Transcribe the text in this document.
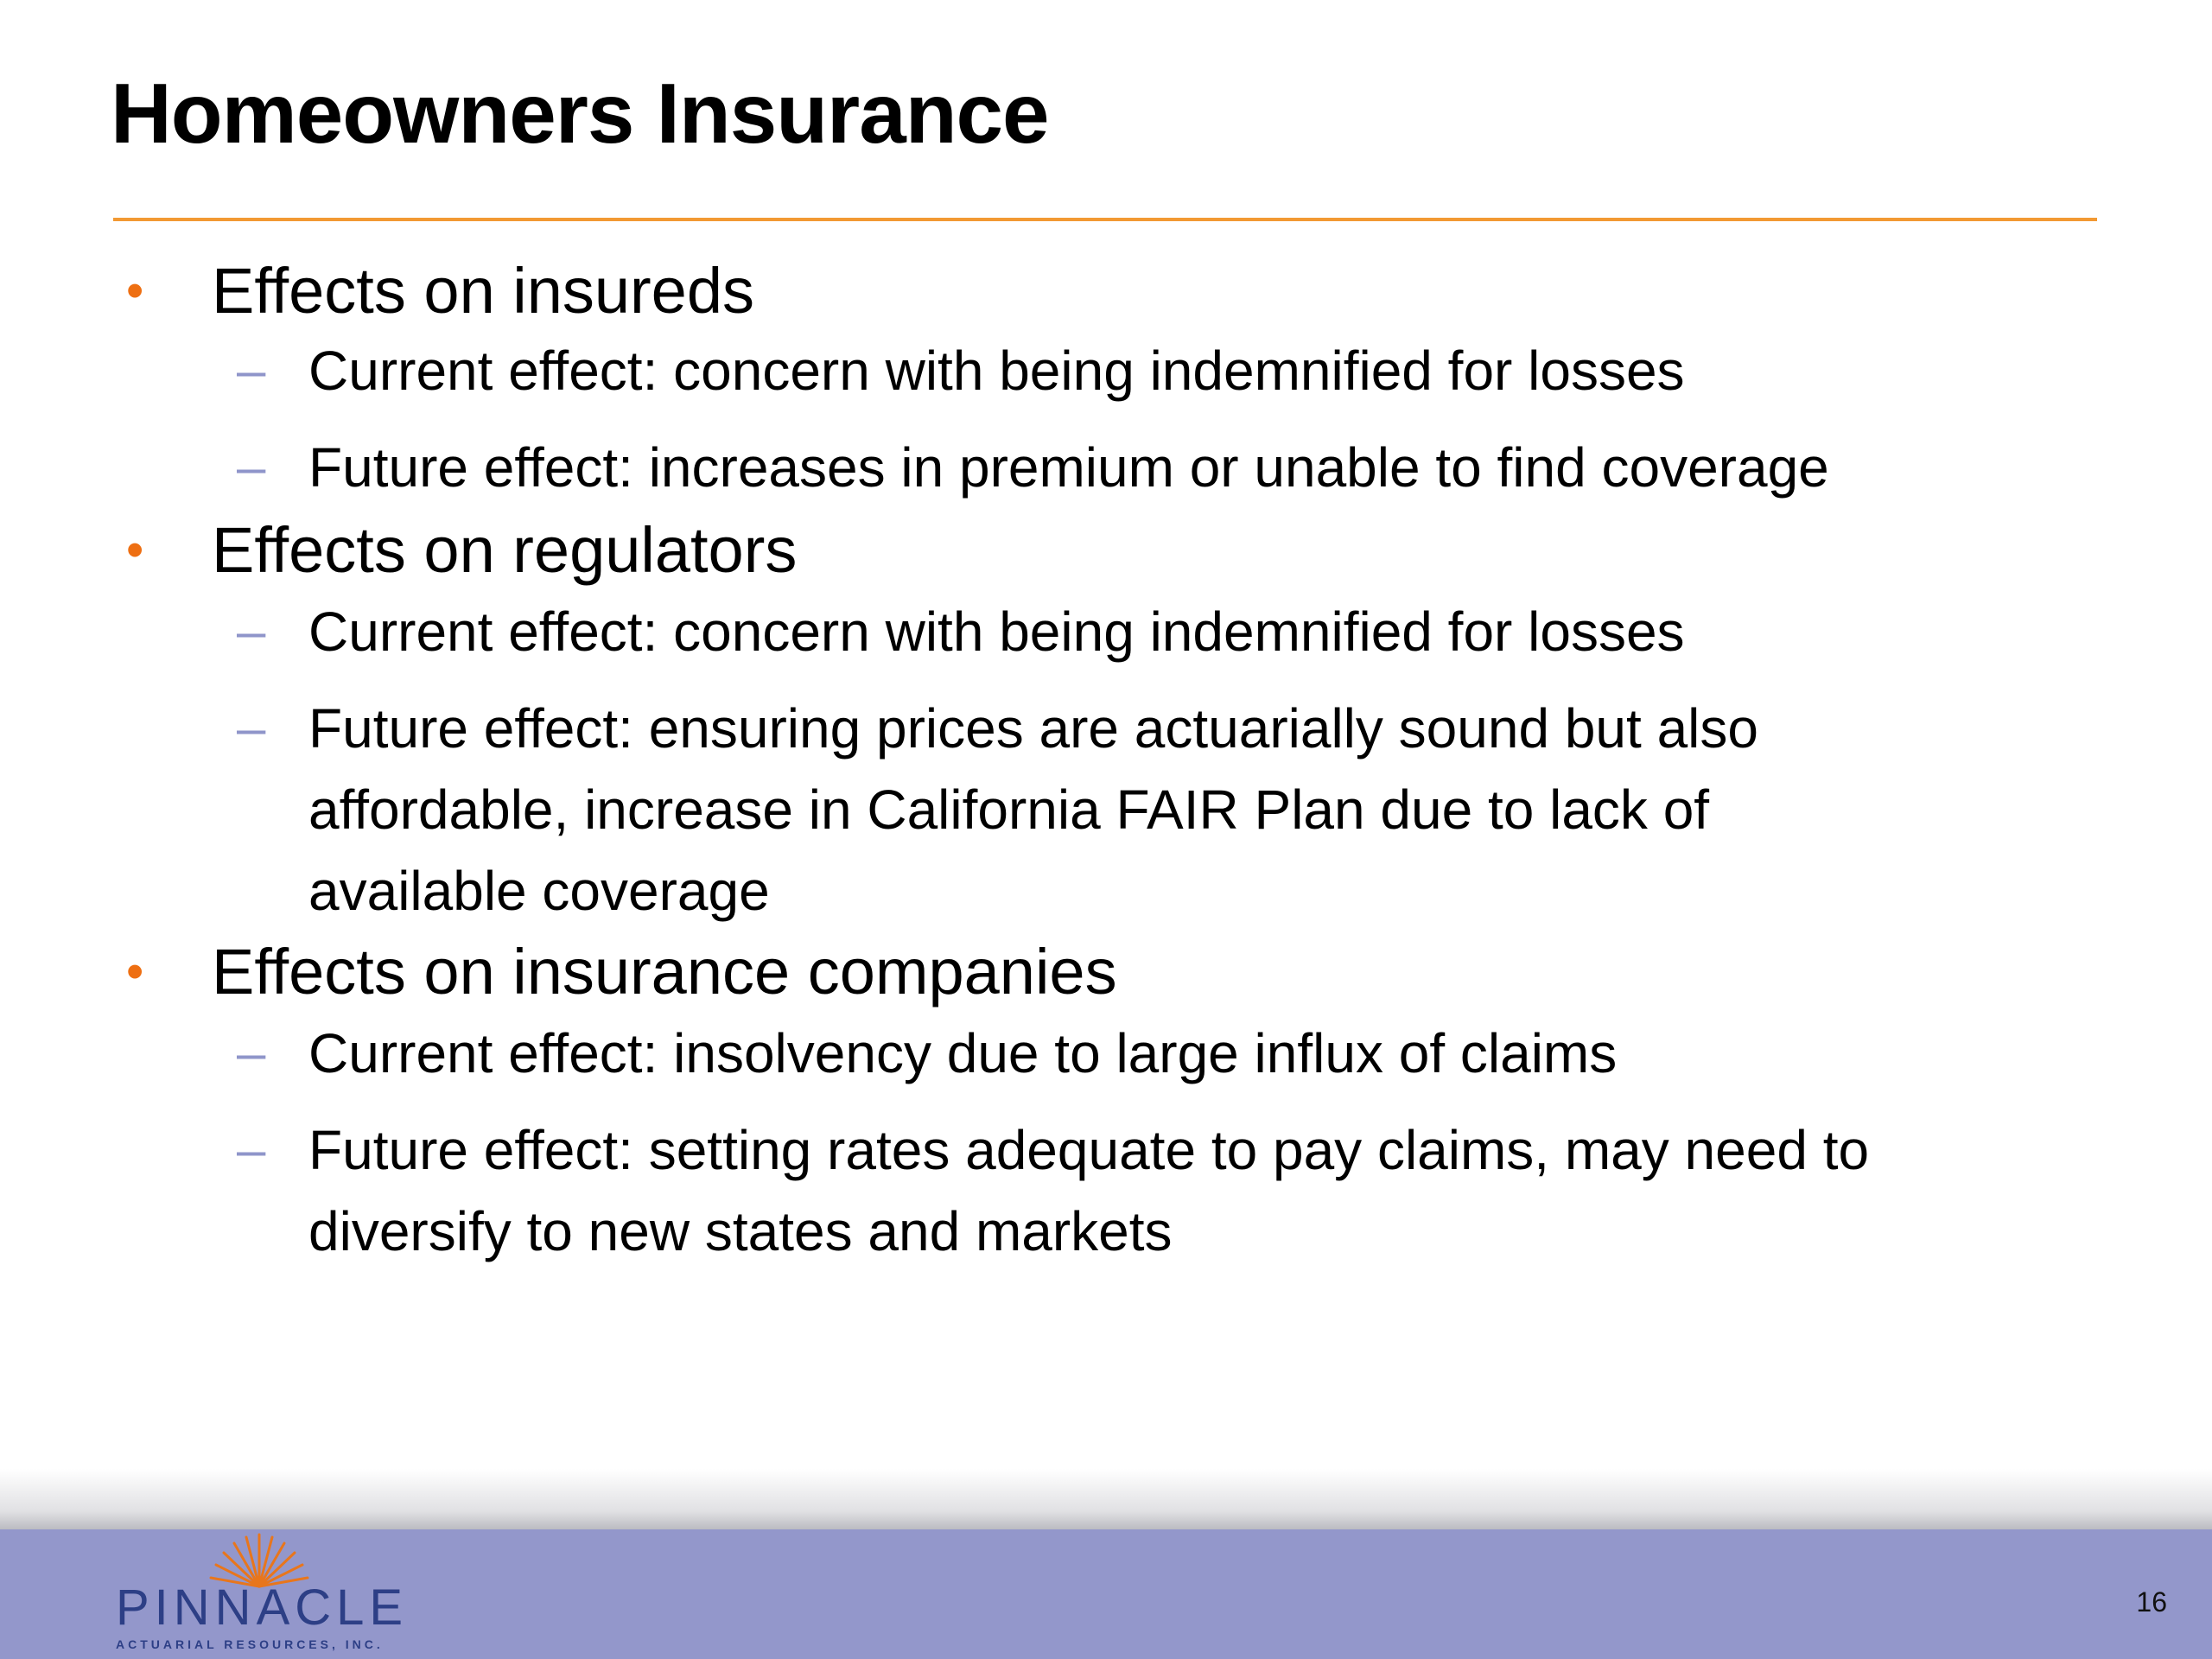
Homeowners Insurance
• Effects on insureds
– Current effect: concern with being indemnified for losses
– Future effect: increases in premium or unable to find coverage
• Effects on regulators
– Current effect: concern with being indemnified for losses
– Future effect: ensuring prices are actuarially sound but also
affordable, increase in California FAIR Plan due to lack of
available coverage
• Effects on insurance companies
– Current effect: insolvency due to large influx of claims
– Future effect: setting rates adequate to pay claims, may need to
diversify to new states and markets
PINNACLE
ACTUARIAL RESOURCES, INC.
16
